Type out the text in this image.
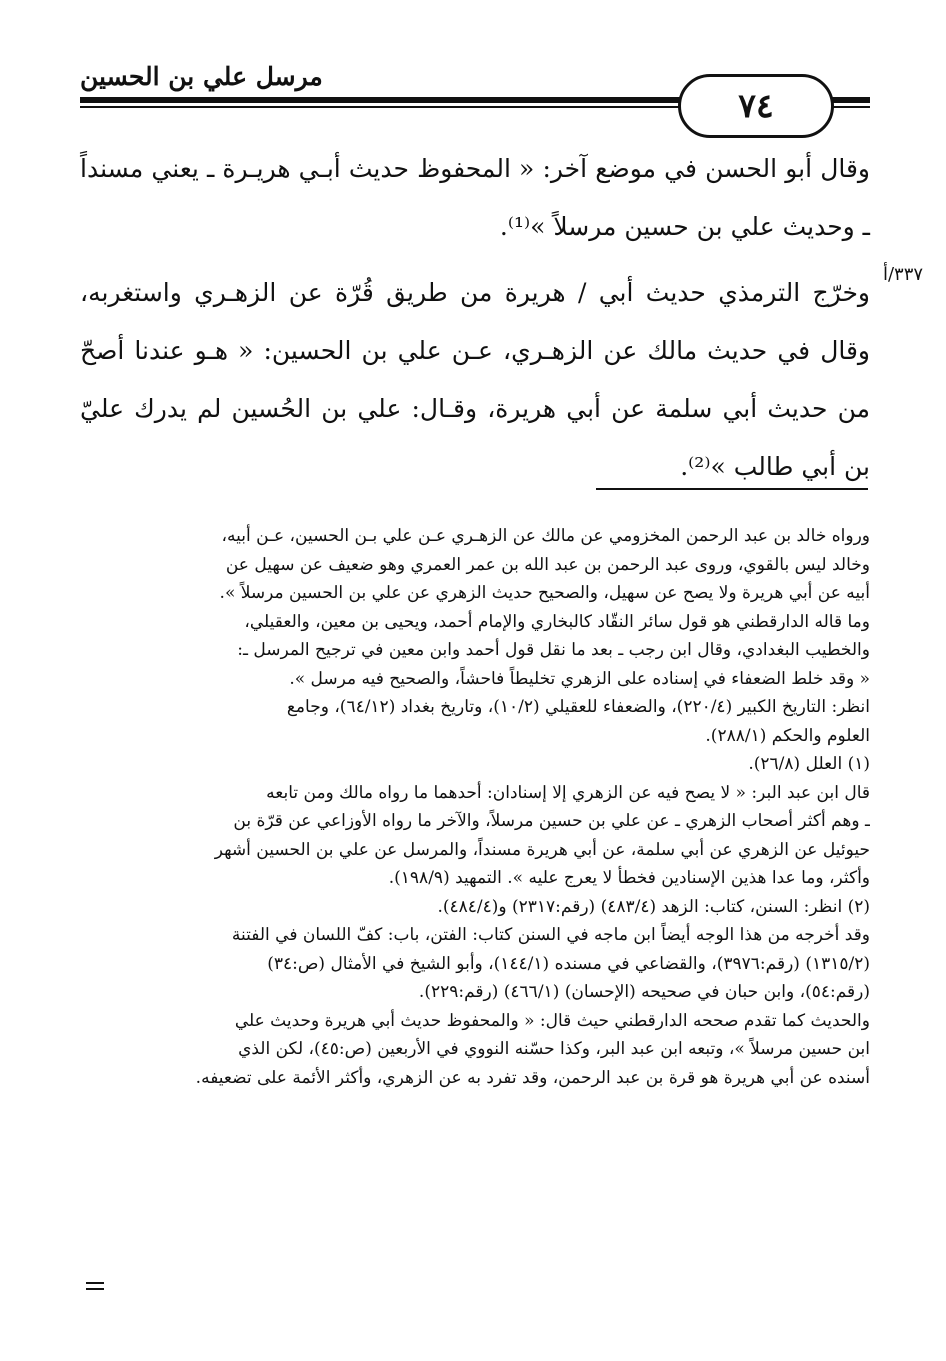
مرسل علي بن الحسين
٧٤
٣٣٧/أ

وقال أبو الحسن في موضع آخر: « المحفوظ حديث أبـي هريـرة ـ يعني مسنداً ـ وحديث علي بن حسين مرسلاً »⁽¹⁾.

وخرّج الترمذي حديث أبي / هريرة من طريق قُرّة عن الزهـري واستغربه، وقال في حديث مالك عن الزهـري، عـن علي بن الحسين: « هـو عندنا أصحّ من حديث أبي سلمة عن أبي هريرة، وقـال: علي بن الحُسين لم يدرك عليّ بن أبي طالب »⁽²⁾.

ورواه خالد بن عبد الرحمن المخزومي عن مالك عن الزهـري عـن علي بـن الحسين، عـن أبيه،

وخالد ليس بالقوي، وروى عبد الرحمن بن عبد الله بن عمر العمري وهو ضعيف عن سهيل عن

أبيه عن أبي هريرة ولا يصح عن سهيل، والصحيح حديث الزهري عن علي بن الحسين مرسلاً ».

وما قاله الدارقطني هو قول سائر النقّاد كالبخاري والإمام أحمد، ويحيى بن معين، والعقيلي،

والخطيب البغدادي، وقال ابن رجب ـ بعد ما نقل قول أحمد وابن معين في ترجيح المرسل ـ:

« وقد خلط الضعفاء في إسناده على الزهري تخليطاً فاحشاً، والصحيح فيه مرسل ».

انظر: التاريخ الكبير (٢٢٠/٤)، والضعفاء للعقيلي (١٠/٢)، وتاريخ بغداد (٦٤/١٢)، وجامع

العلوم والحكم (٢٨٨/١).

(١) العلل (٢٦/٨).

قال ابن عبد البر: « لا يصح فيه عن الزهري إلا إسنادان: أحدهما ما رواه مالك ومن تابعه

ـ وهم أكثر أصحاب الزهري ـ عن علي بن حسين مرسلاً، والآخر ما رواه الأوزاعي عن قرّة بن

حيوئيل عن الزهري عن أبي سلمة، عن أبي هريرة مسنداً، والمرسل عن علي بن الحسين أشهر

وأكثر، وما عدا هذين الإسنادين فخطأ لا يعرج عليه ». التمهيد (١٩٨/٩).

(٢) انظر: السنن، كتاب: الزهد (٤٨٣/٤) (رقم:٢٣١٧) و(٤٨٤/٤).

وقد أخرجه من هذا الوجه أيضاً ابن ماجه في السنن كتاب: الفتن، باب: كفّ اللسان في الفتنة

(١٣١٥/٢) (رقم:٣٩٧٦)، والقضاعي في مسنده (١٤٤/١)، وأبو الشيخ في الأمثال (ص:٣٤)

(رقم:٥٤)، وابن حبان في صحيحه (الإحسان) (٤٦٦/١) (رقم:٢٢٩).

والحديث كما تقدم صححه الدارقطني حيث قال: « والمحفوظ حديث أبي هريرة وحديث علي

ابن حسين مرسلاً »، وتبعه ابن عبد البر، وكذا حسّنه النووي في الأربعين (ص:٤٥)، لكن الذي

أسنده عن أبي هريرة هو قرة بن عبد الرحمن، وقد تفرد به عن الزهري، وأكثر الأئمة على تضعيفه.
